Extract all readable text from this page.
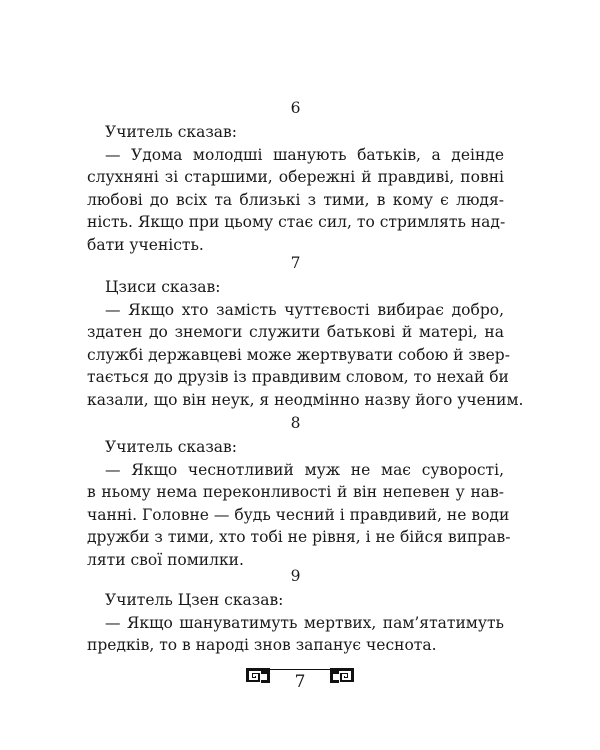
6
Учитель сказав:
— Удома молодші шанують батьків, а деінде
слухняні зі старшими, обережні й правдиві, повні
любові до всіх та близькі з тими, в кому є людя-
ність. Якщо при цьому стає сил, то стримлять над-
бати ученість.
7
Цзиси сказав:
— Якщо хто замість чуттєвості вибирає добро,
здатен до знемоги служити батькові й матері, на
службі державцеві може жертвувати собою й звер-
тається до друзів із правдивим словом, то нехай би
казали, що він неук, я неодмінно назву його ученим.
8
Учитель сказав:
— Якщо чеснотливий муж не має суворості,
в ньому нема переконливості й він непевен у нав-
чанні. Головне — будь чесний і правдивий, не води
дружби з тими, хто тобі не рівня, і не бійся виправ-
ляти свої помилки.
9
Учитель Цзен сказав:
— Якщо шануватимуть мертвих, пам’ятатимуть
предків, то в народі знов запанує чеснота.
7
